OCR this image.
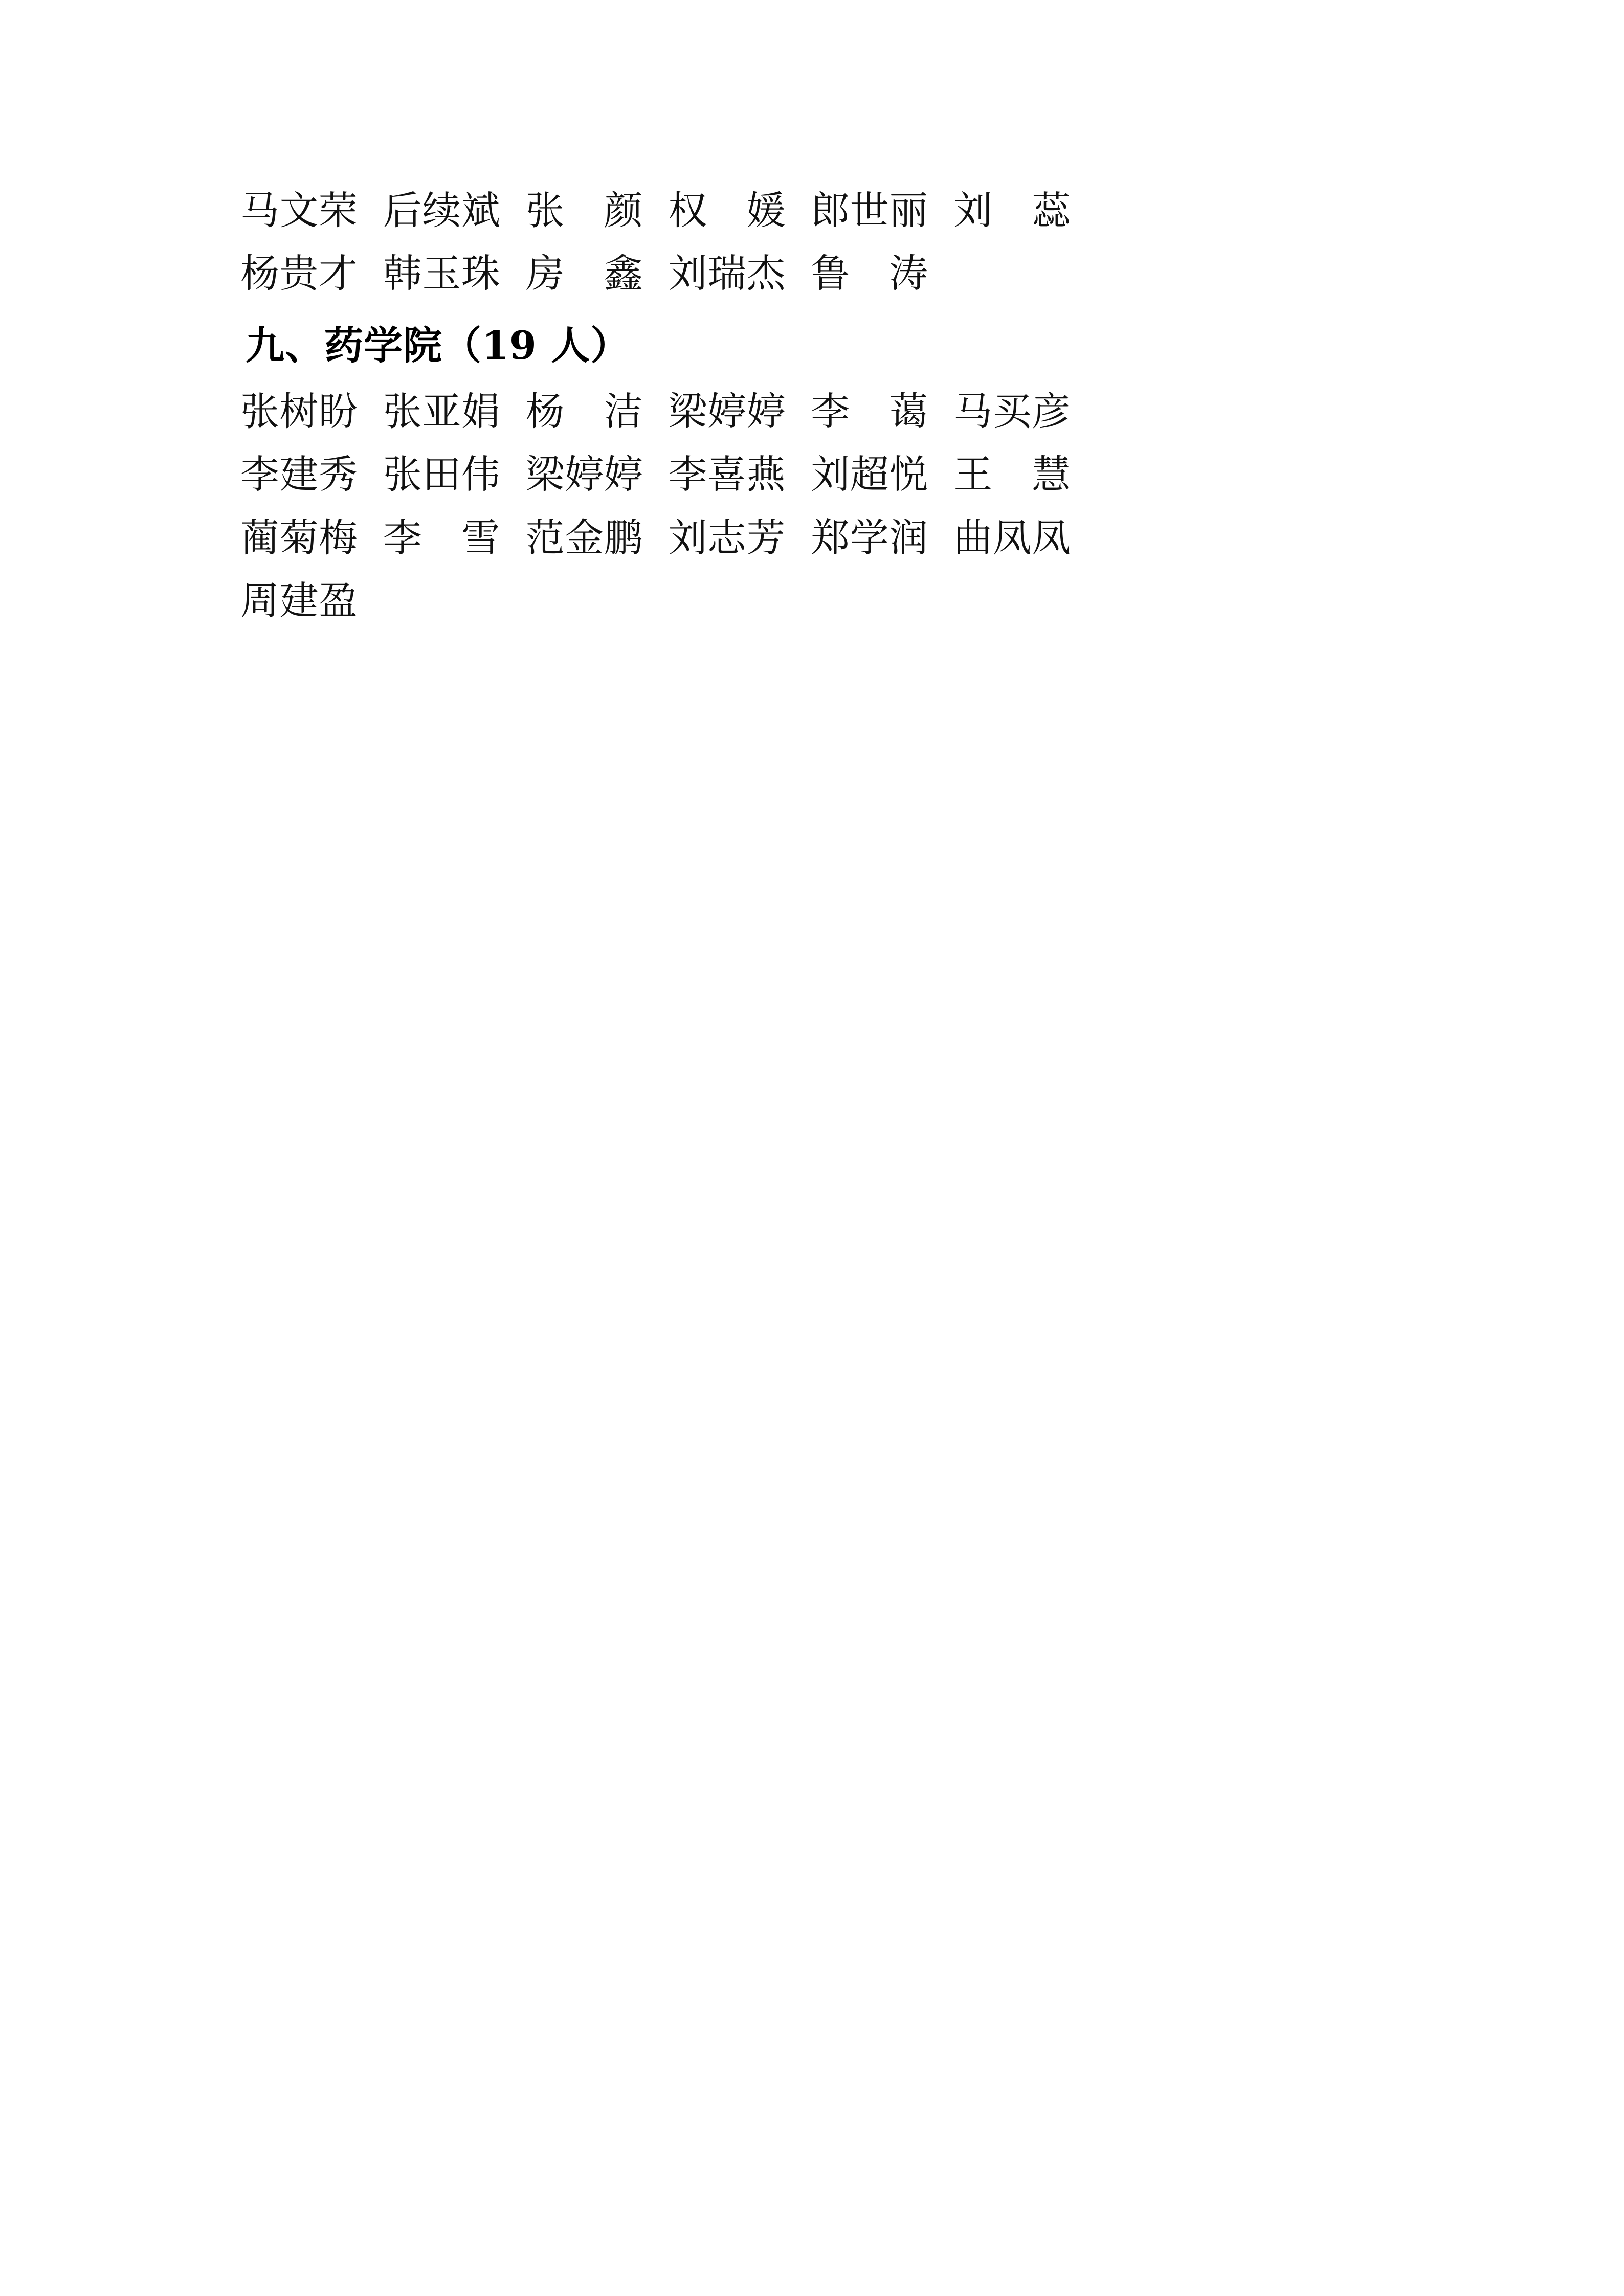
马文荣  后续斌  张　颜  权　媛  郎世丽  刘　蕊
杨贵才  韩玉珠  房　鑫  刘瑞杰  鲁　涛
九、药学院（19 人）
张树盼  张亚娟  杨　洁  梁婷婷  李　蔼  马买彦
李建秀  张田伟  梁婷婷  李喜燕  刘超悦  王　慧
蔺菊梅  李　雪  范金鹏  刘志芳  郑学润  曲凤凤
周建盈
